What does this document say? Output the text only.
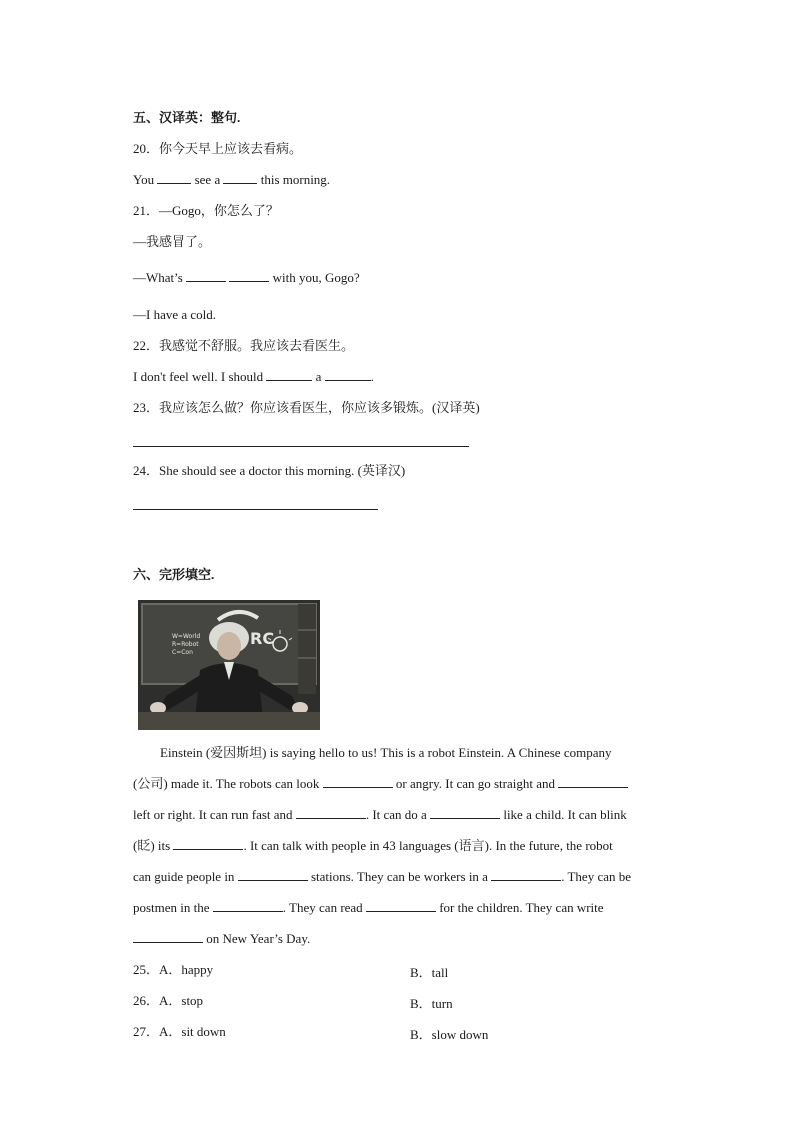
五、汉译英：整句.
20．你今天早上应该去看病。
You	see a	this morning.
21．—Gogo，你怎么了？
—我感冒了。
—What’s	with you, Gogo?
—I have a cold.
22．我感觉不舒服。我应该去看医生。
I don't feel well. I should	a	.
23．我应该怎么做？你应该看医生，你应该多锻炼。(汉译英)
24．She should see a doctor this morning. (英译汉)
六、完形填空.
W=World
R=Robot
C=Con
RC
Einstein (爱因斯坦) is saying hello to us! This is a robot Einstein. A Chinese company
(公司) made it. The robots can look	or angry. It can go straight and
left or right. It can run fast and	. It can do a	like a child. It can blink
(眨) its	. It can talk with people in 43 languages (语言). In the future, the robot
can guide people in	stations. They can be workers in a	. They can be
postmen in the	. They can read	for the children. They can write
on New Year’s Day.
25．A．happy	B．tall
26．A．stop	B．turn
27．A．sit down	B．slow down
